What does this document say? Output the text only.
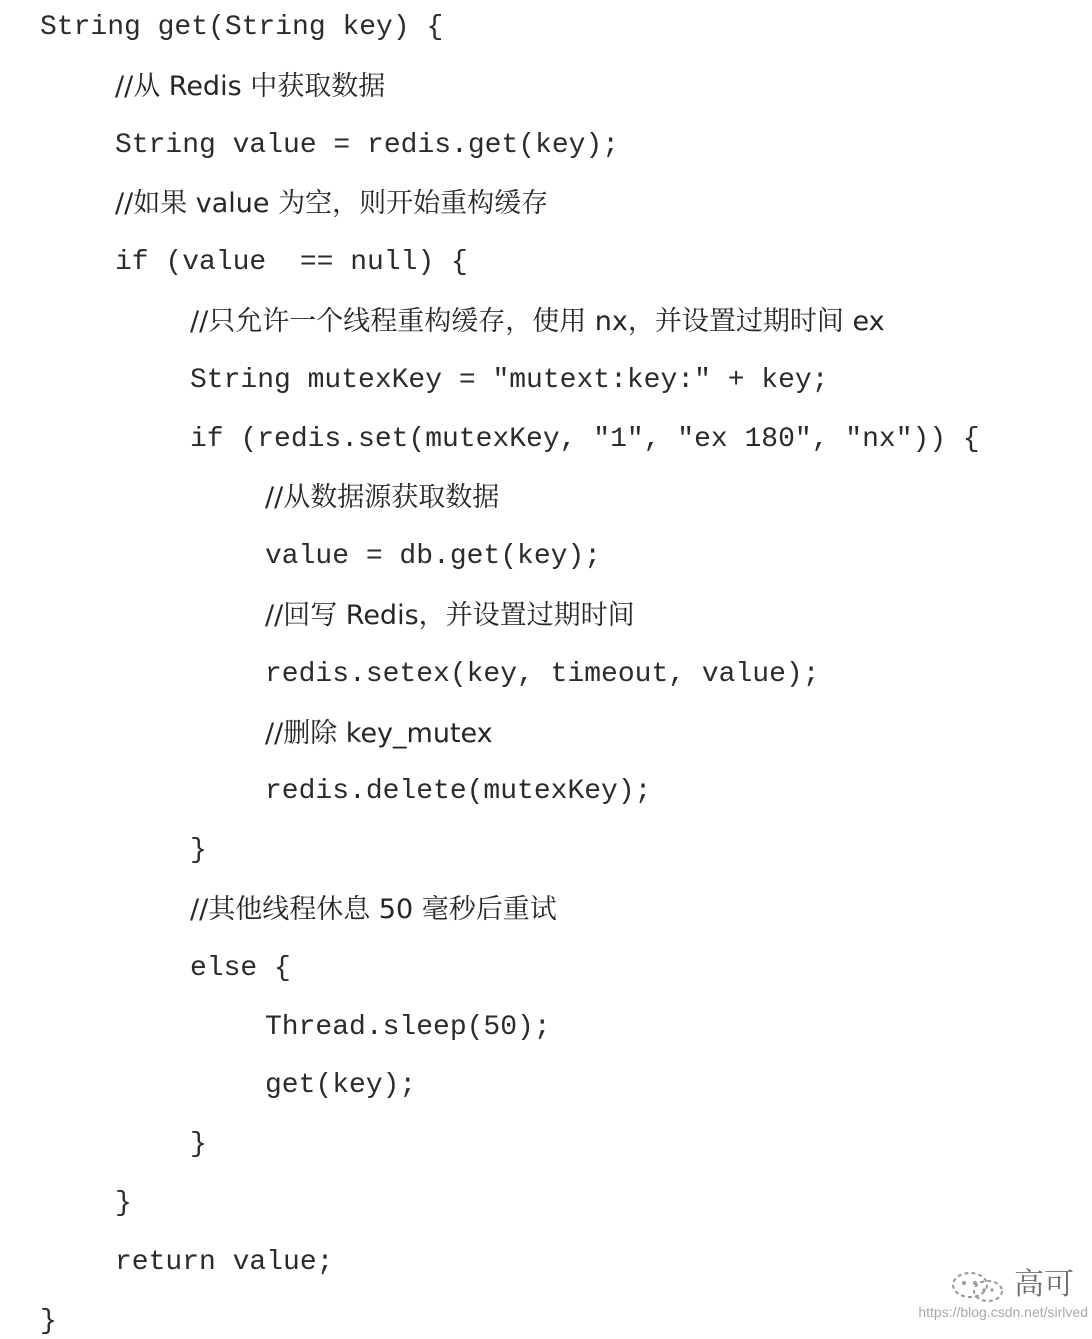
String get(String key) {
//从 Redis 中获取数据
String value = redis.get(key);
//如果 value 为空，则开始重构缓存
if (value  == null) {
//只允许一个线程重构缓存，使用 nx，并设置过期时间 ex
String mutexKey = "mutext:key:" + key;
if (redis.set(mutexKey, "1", "ex 180", "nx")) {
//从数据源获取数据
value = db.get(key);
//回写 Redis，并设置过期时间
redis.setex(key, timeout, value);
//删除 key_mutex
redis.delete(mutexKey);
}
//其他线程休息 50 毫秒后重试
else {
Thread.sleep(50);
get(key);
}
}
return value;
}
高可
https://blog.csdn.net/sirlved
